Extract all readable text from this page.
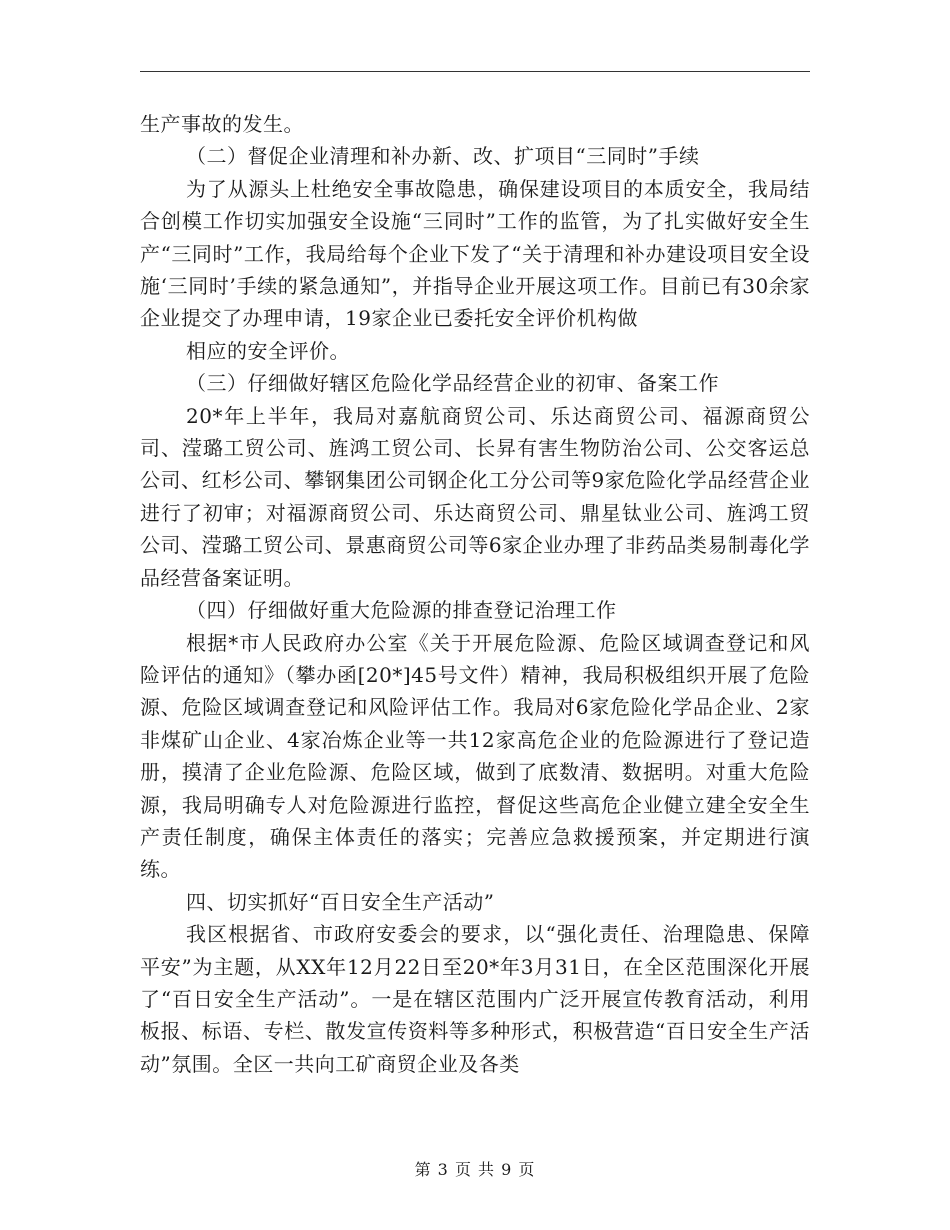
生产事故的发生。

（二）督促企业清理和补办新、改、扩项目“三同时”手续

为了从源头上杜绝安全事故隐患，确保建设项目的本质安全，我局结合创模工作切实加强安全设施“三同时”工作的监管，为了扎实做好安全生产“三同时”工作，我局给每个企业下发了“关于清理和补办建设项目安全设施‘三同时’手续的紧急通知”，并指导企业开展这项工作。目前已有30余家企业提交了办理申请，19家企业已委托安全评价机构做

相应的安全评价。

（三）仔细做好辖区危险化学品经营企业的初审、备案工作

20*年上半年，我局对嘉航商贸公司、乐达商贸公司、福源商贸公司、滢璐工贸公司、旌鸿工贸公司、长昇有害生物防治公司、公交客运总公司、红杉公司、攀钢集团公司钢企化工分公司等9家危险化学品经营企业进行了初审；对福源商贸公司、乐达商贸公司、鼎星钛业公司、旌鸿工贸公司、滢璐工贸公司、景惠商贸公司等6家企业办理了非药品类易制毒化学品经营备案证明。

（四）仔细做好重大危险源的排查登记治理工作

根据*市人民政府办公室《关于开展危险源、危险区域调查登记和风险评估的通知》（攀办函[20*]45号文件）精神，我局积极组织开展了危险源、危险区域调查登记和风险评估工作。我局对6家危险化学品企业、2家非煤矿山企业、4家冶炼企业等一共12家高危企业的危险源进行了登记造册，摸清了企业危险源、危险区域，做到了底数清、数据明。对重大危险源，我局明确专人对危险源进行监控，督促这些高危企业健立建全安全生产责任制度，确保主体责任的落实；完善应急救援预案，并定期进行演练。

四、切实抓好“百日安全生产活动”

我区根据省、市政府安委会的要求，以“强化责任、治理隐患、保障平安”为主题，从XX年12月22日至20*年3月31日，在全区范围深化开展了“百日安全生产活动”。一是在辖区范围内广泛开展宣传教育活动，利用板报、标语、专栏、散发宣传资料等多种形式，积极营造“百日安全生产活动”氛围。全区一共向工矿商贸企业及各类

第 3 页 共 9 页
